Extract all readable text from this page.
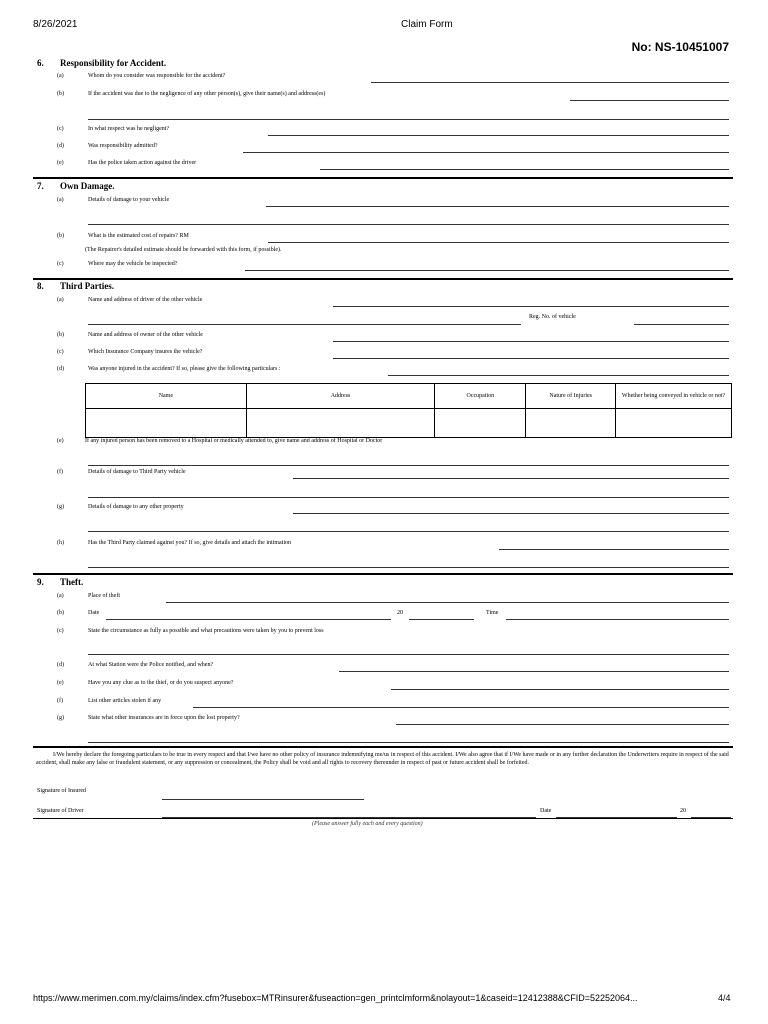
8/26/2021	Claim Form
No: NS-10451007
6. Responsibility for Accident.
(a)	Whom do you consider was responsible for the accident?
(b)	If the accident was due to the negligence of any other person(s), give their name(s) and address(es)
(c)	In what respect was he negligent?
(d)	Was responsibility admitted?
(e)	Has the police taken action against the driver
7. Own Damage.
(a)	Details of damage to your vehicle
(b)	What is the estimated cost of repairs? RM
(The Repairer's detailed estimate should be forwarded with this form, if possible).
(c)	Where may the vehicle be inspected?
8. Third Parties.
(a)	Name and address of driver of the other vehicle
Reg. No. of vehicle
(b)	Name and address of owner of the other vehicle
(c)	Which Insurance Company insures the vehicle?
(d)	Was anyone injured in the accident? If so, please give the following particulars :
Name	Address	Occupation	Nature of Injuries	Whether being conveyed in vehicle or not?

(e)	If any injured person has been removed to a Hospital or medically attended to, give name and address of Hospital or Doctor
(f)	Details of damage to Third Party vehicle
(g)	Details of damage to any other property
(h)	Has the Third Party claimed against you? If so, give details and attach the intimation
9. Theft.
(a)	Place of theft
(b)	Date	20	Time
(c)	State the circumstance as fully as possible and what precautions were taken by you to prevent loss
(d)	At what Station were the Police notified, and when?
(e)	Have you any clue as to the thief, or do you suspect anyone?
(f)	List other articles stolen if any
(g)	State what other insurances are in force upon the lost property?
I/We hereby declare the foregoing particulars to be true in every respect and that I/we have no other policy of insurance indemnifying me/us in respect of this accident. I/We also agree that if I/We have made or in any further declaration the Underwriters require in respect of the said accident, shall make any false or fraudulent statement, or any suppression or concealment, the Policy shall be void and all rights to recovery thereunder in respect of past or future accident shall be forfeited.
Signature of Insured
Signature of Driver	Date	20
(Please answer fully each and every question)
https://www.merimen.com.my/claims/index.cfm?fusebox=MTRinsurer&fuseaction=gen_printclmform&nolayout=1&caseid=12412388&CFID=52252064...	4/4
